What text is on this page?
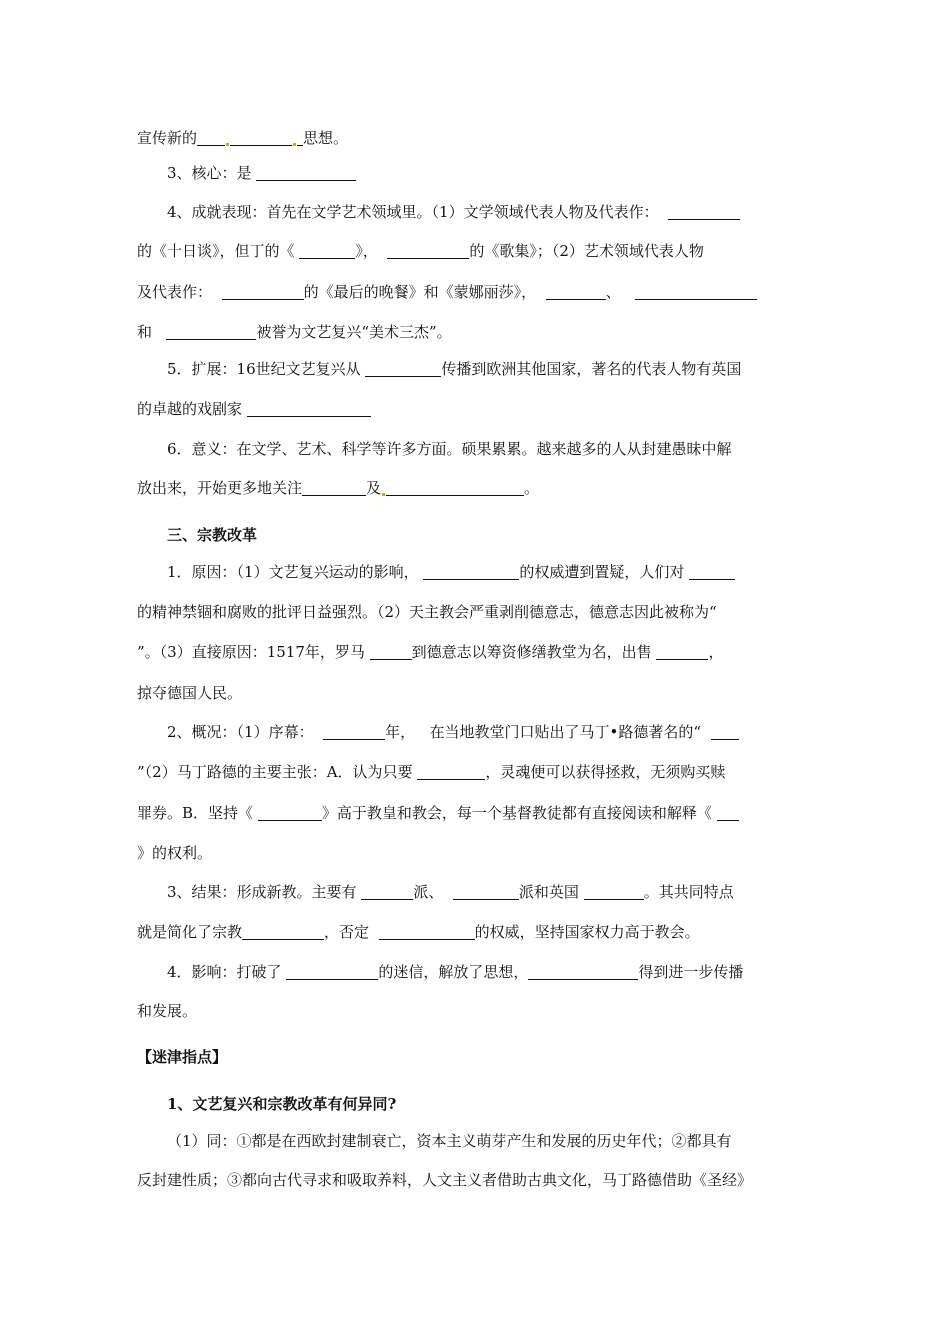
宣传新的	思想。
3、核心：是
4、成就表现：首先在文学艺术领域里。（1）文学领域代表人物及代表作：
的《十日谈》，但丁的《	》，	的《歌集》；（2）艺术领域代表人物
及代表作：	的《最后的晚餐》和《蒙娜丽莎》，	、
和	被誉为文艺复兴“美术三杰”。
5．扩展：16世纪文艺复兴从	传播到欧洲其他国家，著名的代表人物有英国
的卓越的戏剧家
6．意义：在文学、艺术、科学等许多方面。硕果累累。越来越多的人从封建愚昧中解
放出来，开始更多地关注	及	。
三、宗教改革
1．原因：（1）文艺复兴运动的影响，	的权威遭到置疑，人们对
的精神禁锢和腐败的批评日益强烈。（2）天主教会严重剥削德意志，德意志因此被称为“
”。（3）直接原因：1517年，罗马	到德意志以筹资修缮教堂为名，出售	，
掠夺德国人民。
2、概况：（1）序幕：	年， 在当地教堂门口贴出了马丁•路德著名的“
”（2）马丁路德的主要主张：A．认为只要	，灵魂便可以获得拯救，无须购买赎
罪券。B．坚持《	》高于教皇和教会，每一个基督教徒都有直接阅读和解释《
》的权利。
3、结果：形成新教。主要有	派、	派和英国	。其共同特点
就是简化了宗教	，否定	的权威，坚持国家权力高于教会。
4．影响：打破了	的迷信，解放了思想，	得到进一步传播
和发展。
【迷津指点】
1、文艺复兴和宗教改革有何异同?
（1）同：①都是在西欧封建制衰亡，资本主义萌芽产生和发展的历史年代；②都具有
反封建性质；③都向古代寻求和吸取养料，人文主义者借助古典文化，马丁路德借助《圣经》
